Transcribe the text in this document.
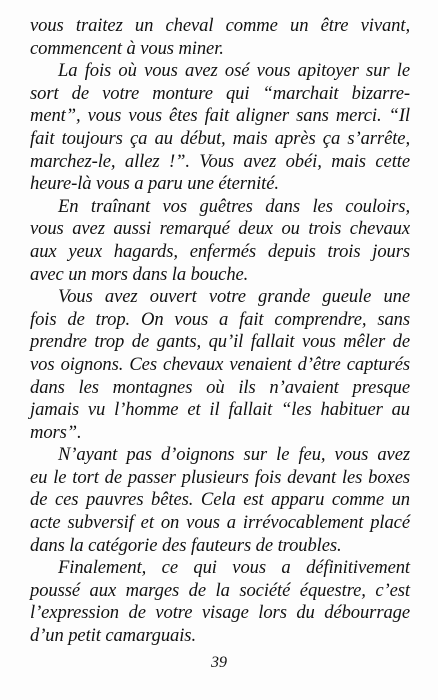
vous traitez un cheval comme un être vivant,
commencent à vous miner.

La fois où vous avez osé vous apitoyer sur le
sort de votre monture qui “marchait bizarre-
ment”, vous vous êtes fait aligner sans merci. “Il
fait toujours ça au début, mais après ça s’arrête,
marchez-le, allez !”. Vous avez obéi, mais cette
heure-là vous a paru une éternité.

En traînant vos guêtres dans les couloirs,
vous avez aussi remarqué deux ou trois chevaux
aux yeux hagards, enfermés depuis trois jours
avec un mors dans la bouche.

Vous avez ouvert votre grande gueule une
fois de trop. On vous a fait comprendre, sans
prendre trop de gants, qu’il fallait vous mêler de
vos oignons. Ces chevaux venaient d’être capturés
dans les montagnes où ils n’avaient presque
jamais vu l’homme et il fallait “les habituer au
mors”.

N’ayant pas d’oignons sur le feu, vous avez
eu le tort de passer plusieurs fois devant les boxes
de ces pauvres bêtes. Cela est apparu comme un
acte subversif et on vous a irrévocablement placé
dans la catégorie des fauteurs de troubles.

Finalement, ce qui vous a définitivement
poussé aux marges de la société équestre, c’est
l’expression de votre visage lors du débourrage
d’un petit camarguais.

39
